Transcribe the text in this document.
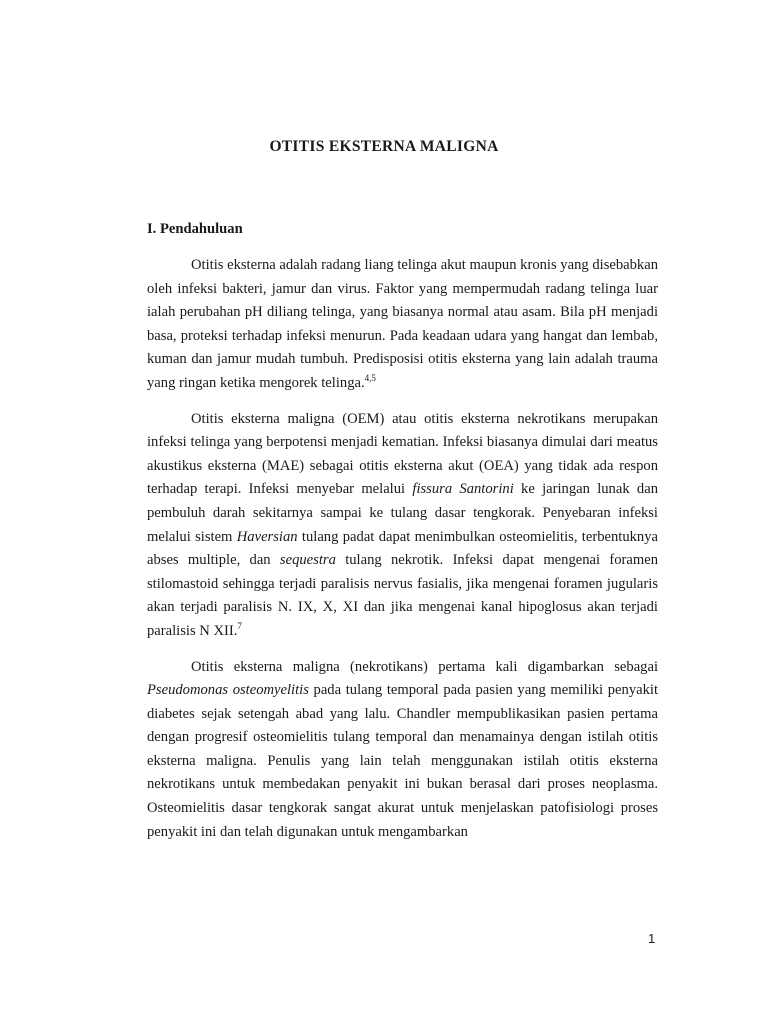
OTITIS EKSTERNA MALIGNA

I. Pendahuluan

Otitis eksterna adalah radang liang telinga akut maupun kronis yang disebabkan oleh infeksi bakteri, jamur dan virus. Faktor yang mempermudah radang telinga luar ialah perubahan pH diliang telinga, yang biasanya normal atau asam. Bila pH menjadi basa, proteksi terhadap infeksi menurun. Pada keadaan udara yang hangat dan lembab, kuman dan jamur mudah tumbuh. Predisposisi otitis eksterna yang lain adalah trauma yang ringan ketika mengorek telinga.$^{4,5}$

Otitis eksterna maligna (OEM) atau otitis eksterna nekrotikans merupakan infeksi telinga yang berpotensi menjadi kematian. Infeksi biasanya dimulai dari meatus akustikus eksterna (MAE) sebagai otitis eksterna akut (OEA) yang tidak ada respon terhadap terapi. Infeksi menyebar melalui fissura Santorini ke jaringan lunak dan pembuluh darah sekitarnya sampai ke tulang dasar tengkorak. Penyebaran infeksi melalui sistem Haversian tulang padat dapat menimbulkan osteomielitis, terbentuknya abses multiple, dan sequestra tulang nekrotik. Infeksi dapat mengenai foramen stilomastoid sehingga terjadi paralisis nervus fasialis, jika mengenai foramen jugularis akan terjadi paralisis N. IX, X, XI dan jika mengenai kanal hipoglosus akan terjadi paralisis N XII.$^7$

Otitis eksterna maligna (nekrotikans) pertama kali digambarkan sebagai Pseudomonas osteomyelitis pada tulang temporal pada pasien yang memiliki penyakit diabetes sejak setengah abad yang lalu. Chandler mempublikasikan pasien pertama dengan progresif osteomielitis tulang temporal dan menamainya dengan istilah otitis eksterna maligna. Penulis yang lain telah menggunakan istilah otitis eksterna nekrotikans untuk membedakan penyakit ini bukan berasal dari proses neoplasma. Osteomielitis dasar tengkorak sangat akurat untuk menjelaskan patofisiologi proses penyakit ini dan telah digunakan untuk mengambarkan

1
